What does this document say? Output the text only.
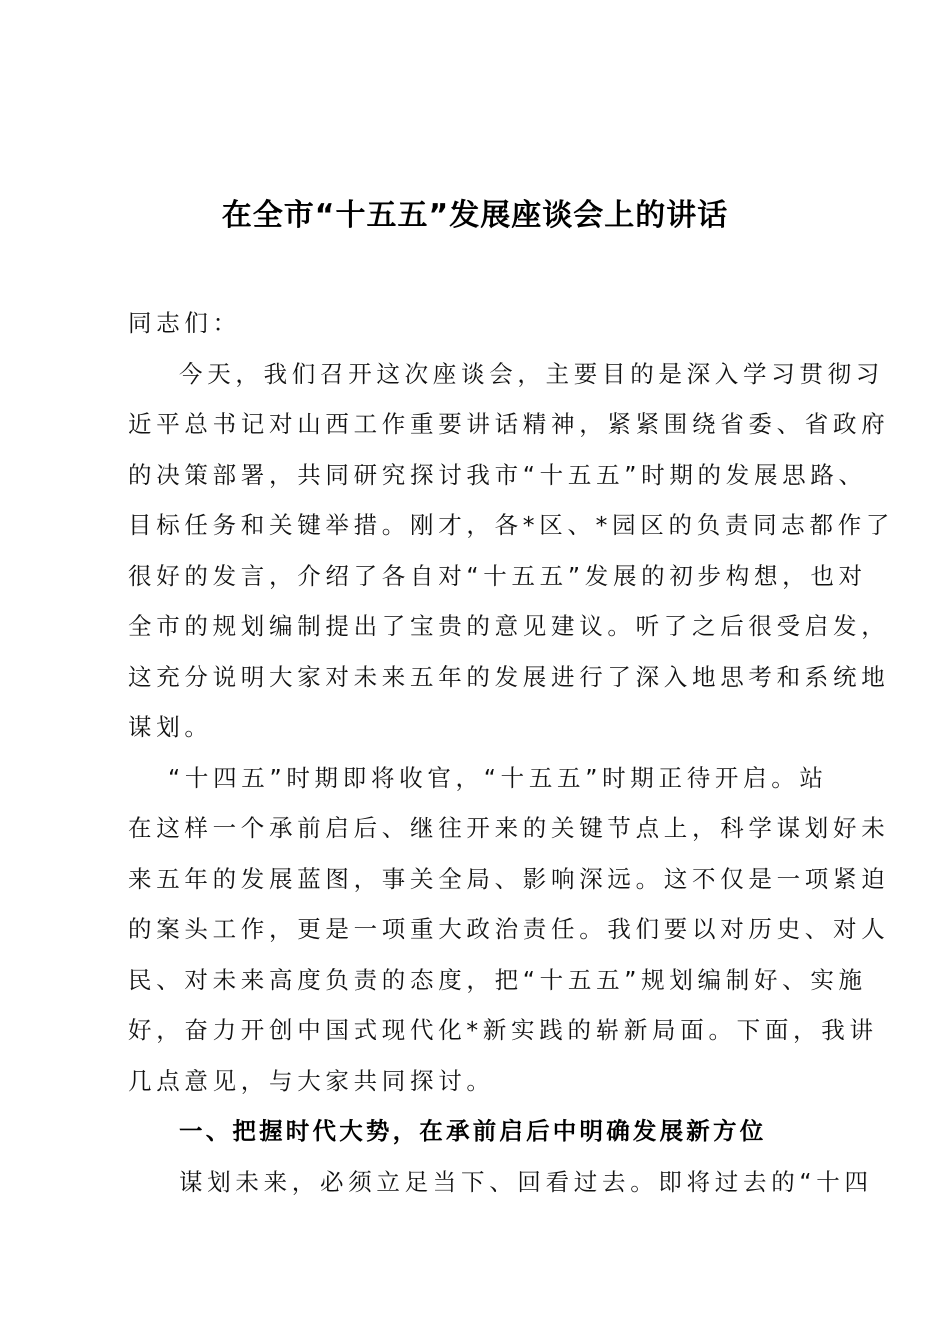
在全市“十五五”发展座谈会上的讲话
同志们：
今天，我们召开这次座谈会，主要目的是深入学习贯彻习
近平总书记对山西工作重要讲话精神，紧紧围绕省委、省政府
的决策部署，共同研究探讨我市“十五五”时期的发展思路、
目标任务和关键举措。刚才，各*区、*园区的负责同志都作了
很好的发言，介绍了各自对“十五五”发展的初步构想，也对
全市的规划编制提出了宝贵的意见建议。听了之后很受启发，
这充分说明大家对未来五年的发展进行了深入地思考和系统地
谋划。
“十四五”时期即将收官，“十五五”时期正待开启。站
在这样一个承前启后、继往开来的关键节点上，科学谋划好未
来五年的发展蓝图，事关全局、影响深远。这不仅是一项紧迫
的案头工作，更是一项重大政治责任。我们要以对历史、对人
民、对未来高度负责的态度，把“十五五”规划编制好、实施
好，奋力开创中国式现代化*新实践的崭新局面。下面，我讲
几点意见，与大家共同探讨。
一、把握时代大势，在承前启后中明确发展新方位
谋划未来，必须立足当下、回看过去。即将过去的“十四
